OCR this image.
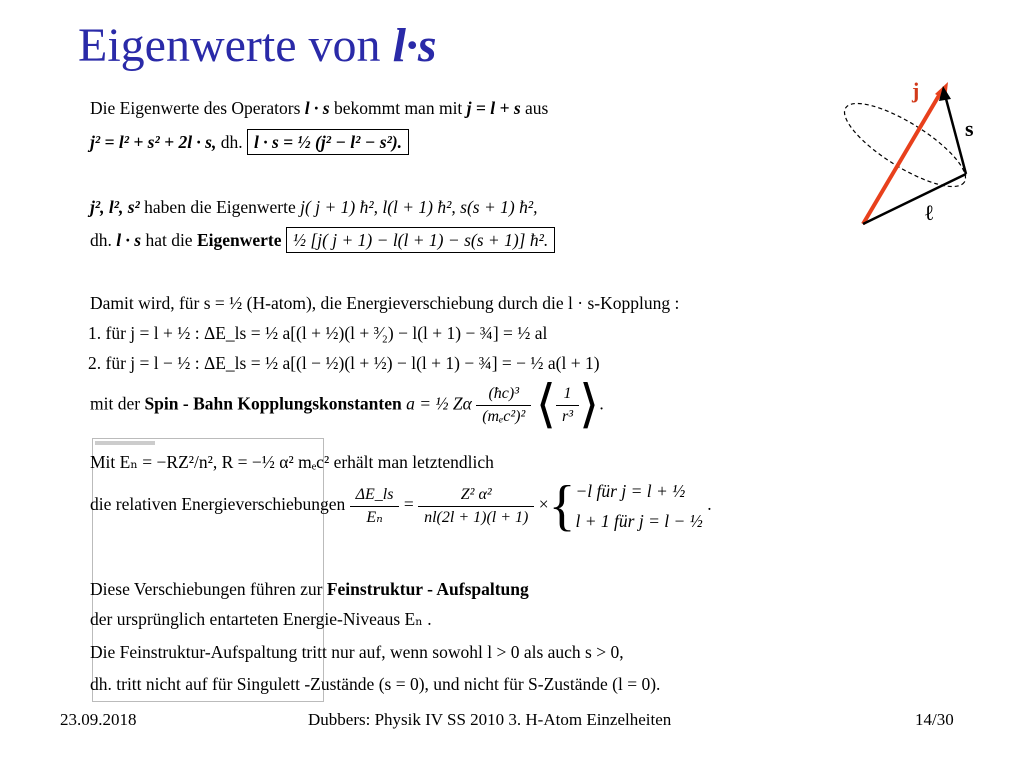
Eigenwerte von l·s
j
s
ℓ
Die Eigenwerte des Operators l · s bekommt man mit j = l + s aus
j² = l² + s² + 2l · s, dh. l · s = ½ (j² − l² − s²).
j², l², s² haben die Eigenwerte j( j + 1) ħ², l(l + 1) ħ², s(s + 1) ħ²,
dh. l · s hat die Eigenwerte ½ [j( j + 1) − l(l + 1) − s(s + 1)] ħ².
Damit wird, für s = ½ (H-atom), die Energieverschiebung durch die l · s-Kopplung :
1. für j = l + ½ : ΔE_ls = ½ a[(l + ½)(l + ³⁄₂) − l(l + 1) − ¾] = ½ al
2. für j = l − ½ : ΔE_ls = ½ a[(l − ½)(l + ½) − l(l + 1) − ¾] = − ½ a(l + 1)
mit der Spin - Bahn Kopplungskonstanten a = ½ Zα $\frac{\text{(ħc)³}}{\text{(mₑc²)²}}$ ⟨ $\frac{1}{\text{r³}}$ ⟩.
Mit Eₙ = −RZ²/n², R = −½ α² mₑc² erhält man letztendlich
die relativen Energieverschiebungen $\frac{\Delta E\_ls}{\text{Eₙ}} = \frac{\text{Z² α²}}{nl(2l + 1)(l + 1)}$ ×{ −l für j = l + ½
l + 1 für j = l − ½
.
Diese Verschiebungen führen zur Feinstruktur - Aufspaltung
der ursprünglich entarteten Energie-Niveaus Eₙ .
Die Feinstruktur-Aufspaltung tritt nur auf, wenn sowohl l > 0 als auch s > 0,
dh. tritt nicht auf für Singulett -Zustände (s = 0), und nicht für S-Zustände (l = 0).
23.09.2018	Dubbers: Physik IV SS 2010 3. H-Atom Einzelheiten	14/30
